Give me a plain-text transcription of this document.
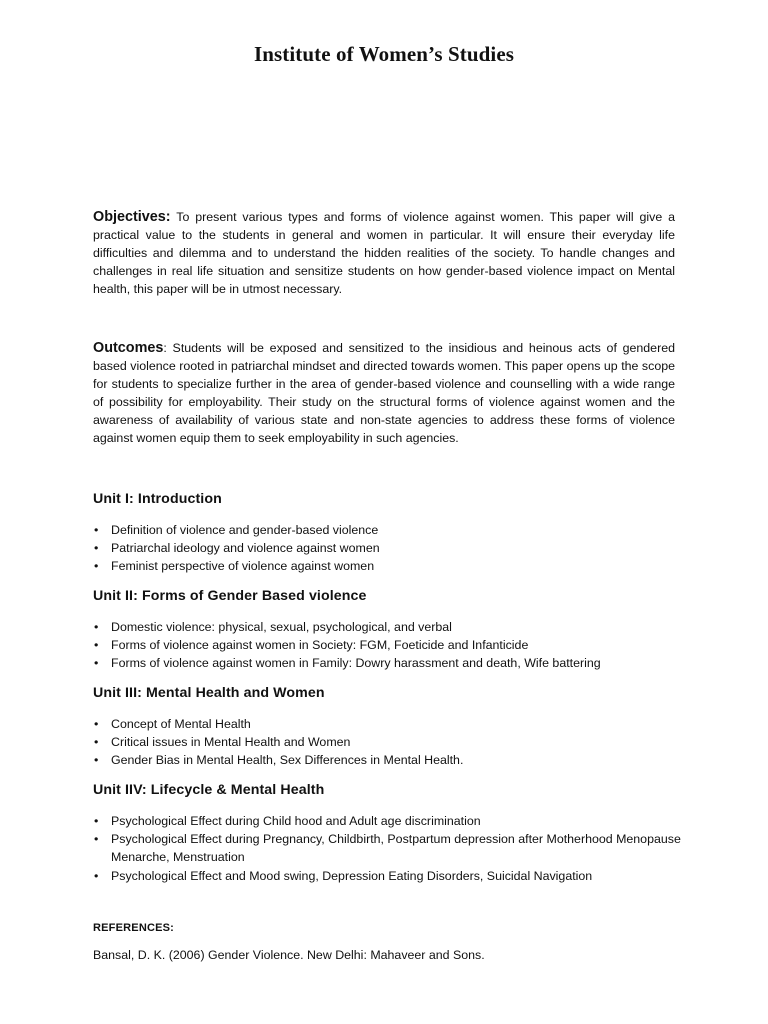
Institute of Women’s Studies

Objectives: To present various types and forms of violence against women. This paper will give a practical value to the students in general and women in particular. It will ensure their everyday life difficulties and dilemma and to understand the hidden realities of the society. To handle changes and challenges in real life situation and sensitize students on how gender-based violence impact on Mental health, this paper will be in utmost necessary.

Outcomes: Students will be exposed and sensitized to the insidious and heinous acts of gendered based violence rooted in patriarchal mindset and directed towards women. This paper opens up the scope for students to specialize further in the area of gender-based violence and counselling with a wide range of possibility for employability. Their study on the structural forms of violence against women and the awareness of availability of various state and non-state agencies to address these forms of violence against women equip them to seek employability in such agencies.

Unit I: Introduction
• Definition of violence and gender-based violence
• Patriarchal ideology and violence against women
• Feminist perspective of violence against women
Unit II: Forms of Gender Based violence
• Domestic violence: physical, sexual, psychological, and verbal
• Forms of violence against women in Society: FGM, Foeticide and Infanticide
• Forms of violence against women in Family: Dowry harassment and death, Wife battering
Unit III: Mental Health and Women
• Concept of Mental Health
• Critical issues in Mental Health and Women
• Gender Bias in Mental Health, Sex Differences in Mental Health.
Unit IIV: Lifecycle & Mental Health
• Psychological Effect during Child hood and Adult age discrimination
• Psychological Effect during Pregnancy, Childbirth, Postpartum depression after Motherhood Menopause Menarche, Menstruation
• Psychological Effect and Mood swing, Depression Eating Disorders, Suicidal Navigation

REFERENCES:

Bansal, D. K. (2006) Gender Violence. New Delhi: Mahaveer and Sons.
